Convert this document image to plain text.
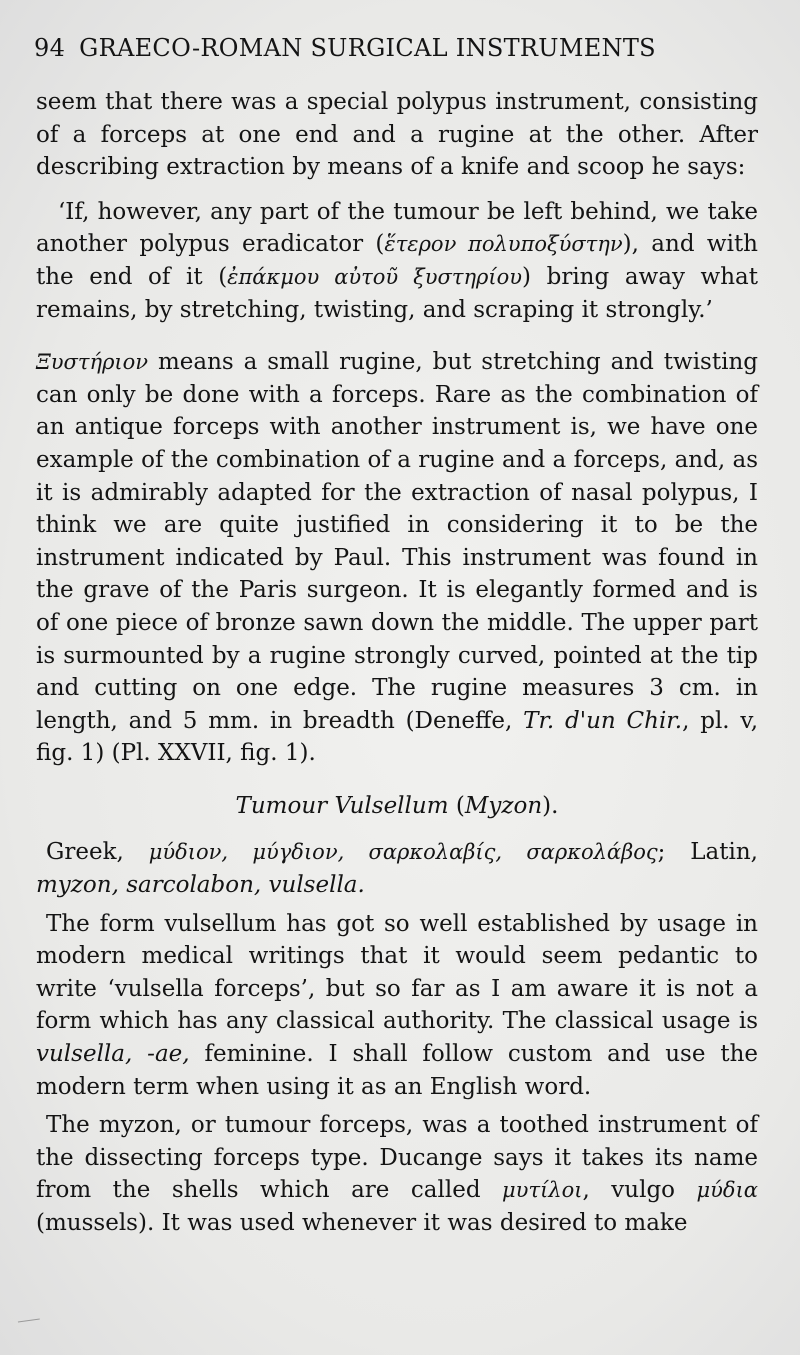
94 GRAECO-ROMAN SURGICAL INSTRUMENTS

seem that there was a special polypus instrument, consisting of a forceps at one end and a rugine at the other. After describing extraction by means of a knife and scoop he says:

‘If, however, any part of the tumour be left behind, we take another polypus eradicator (ἕτερον πολυποξύστην), and with the end of it (ἐπάκμου αὐτοῦ ξυστηρίου) bring away what remains, by stretching, twisting, and scraping it strongly.’

Ξυστήριον means a small rugine, but stretching and twisting can only be done with a forceps. Rare as the combination of an antique forceps with another instrument is, we have one example of the combination of a rugine and a forceps, and, as it is admirably adapted for the extraction of nasal polypus, I think we are quite justified in considering it to be the instrument indicated by Paul. This instrument was found in the grave of the Paris surgeon. It is elegantly formed and is of one piece of bronze sawn down the middle. The upper part is surmounted by a rugine strongly curved, pointed at the tip and cutting on one edge. The rugine measures 3 cm. in length, and 5 mm. in breadth (Deneffe, Tr. d'un Chir., pl. v, fig. 1) (Pl. XXVII, fig. 1).

Tumour Vulsellum (Myzon).

Greek, μύδιον, μύγδιον, σαρκολαβίς, σαρκολάβος; Latin, myzon, sarcolabon, vulsella.

The form vulsellum has got so well established by usage in modern medical writings that it would seem pedantic to write ‘vulsella forceps’, but so far as I am aware it is not a form which has any classical authority. The classical usage is vulsella, -ae, feminine. I shall follow custom and use the modern term when using it as an English word.

The myzon, or tumour forceps, was a toothed instrument of the dissecting forceps type. Ducange says it takes its name from the shells which are called μυτίλοι, vulgo μύδια (mussels). It was used whenever it was desired to make
